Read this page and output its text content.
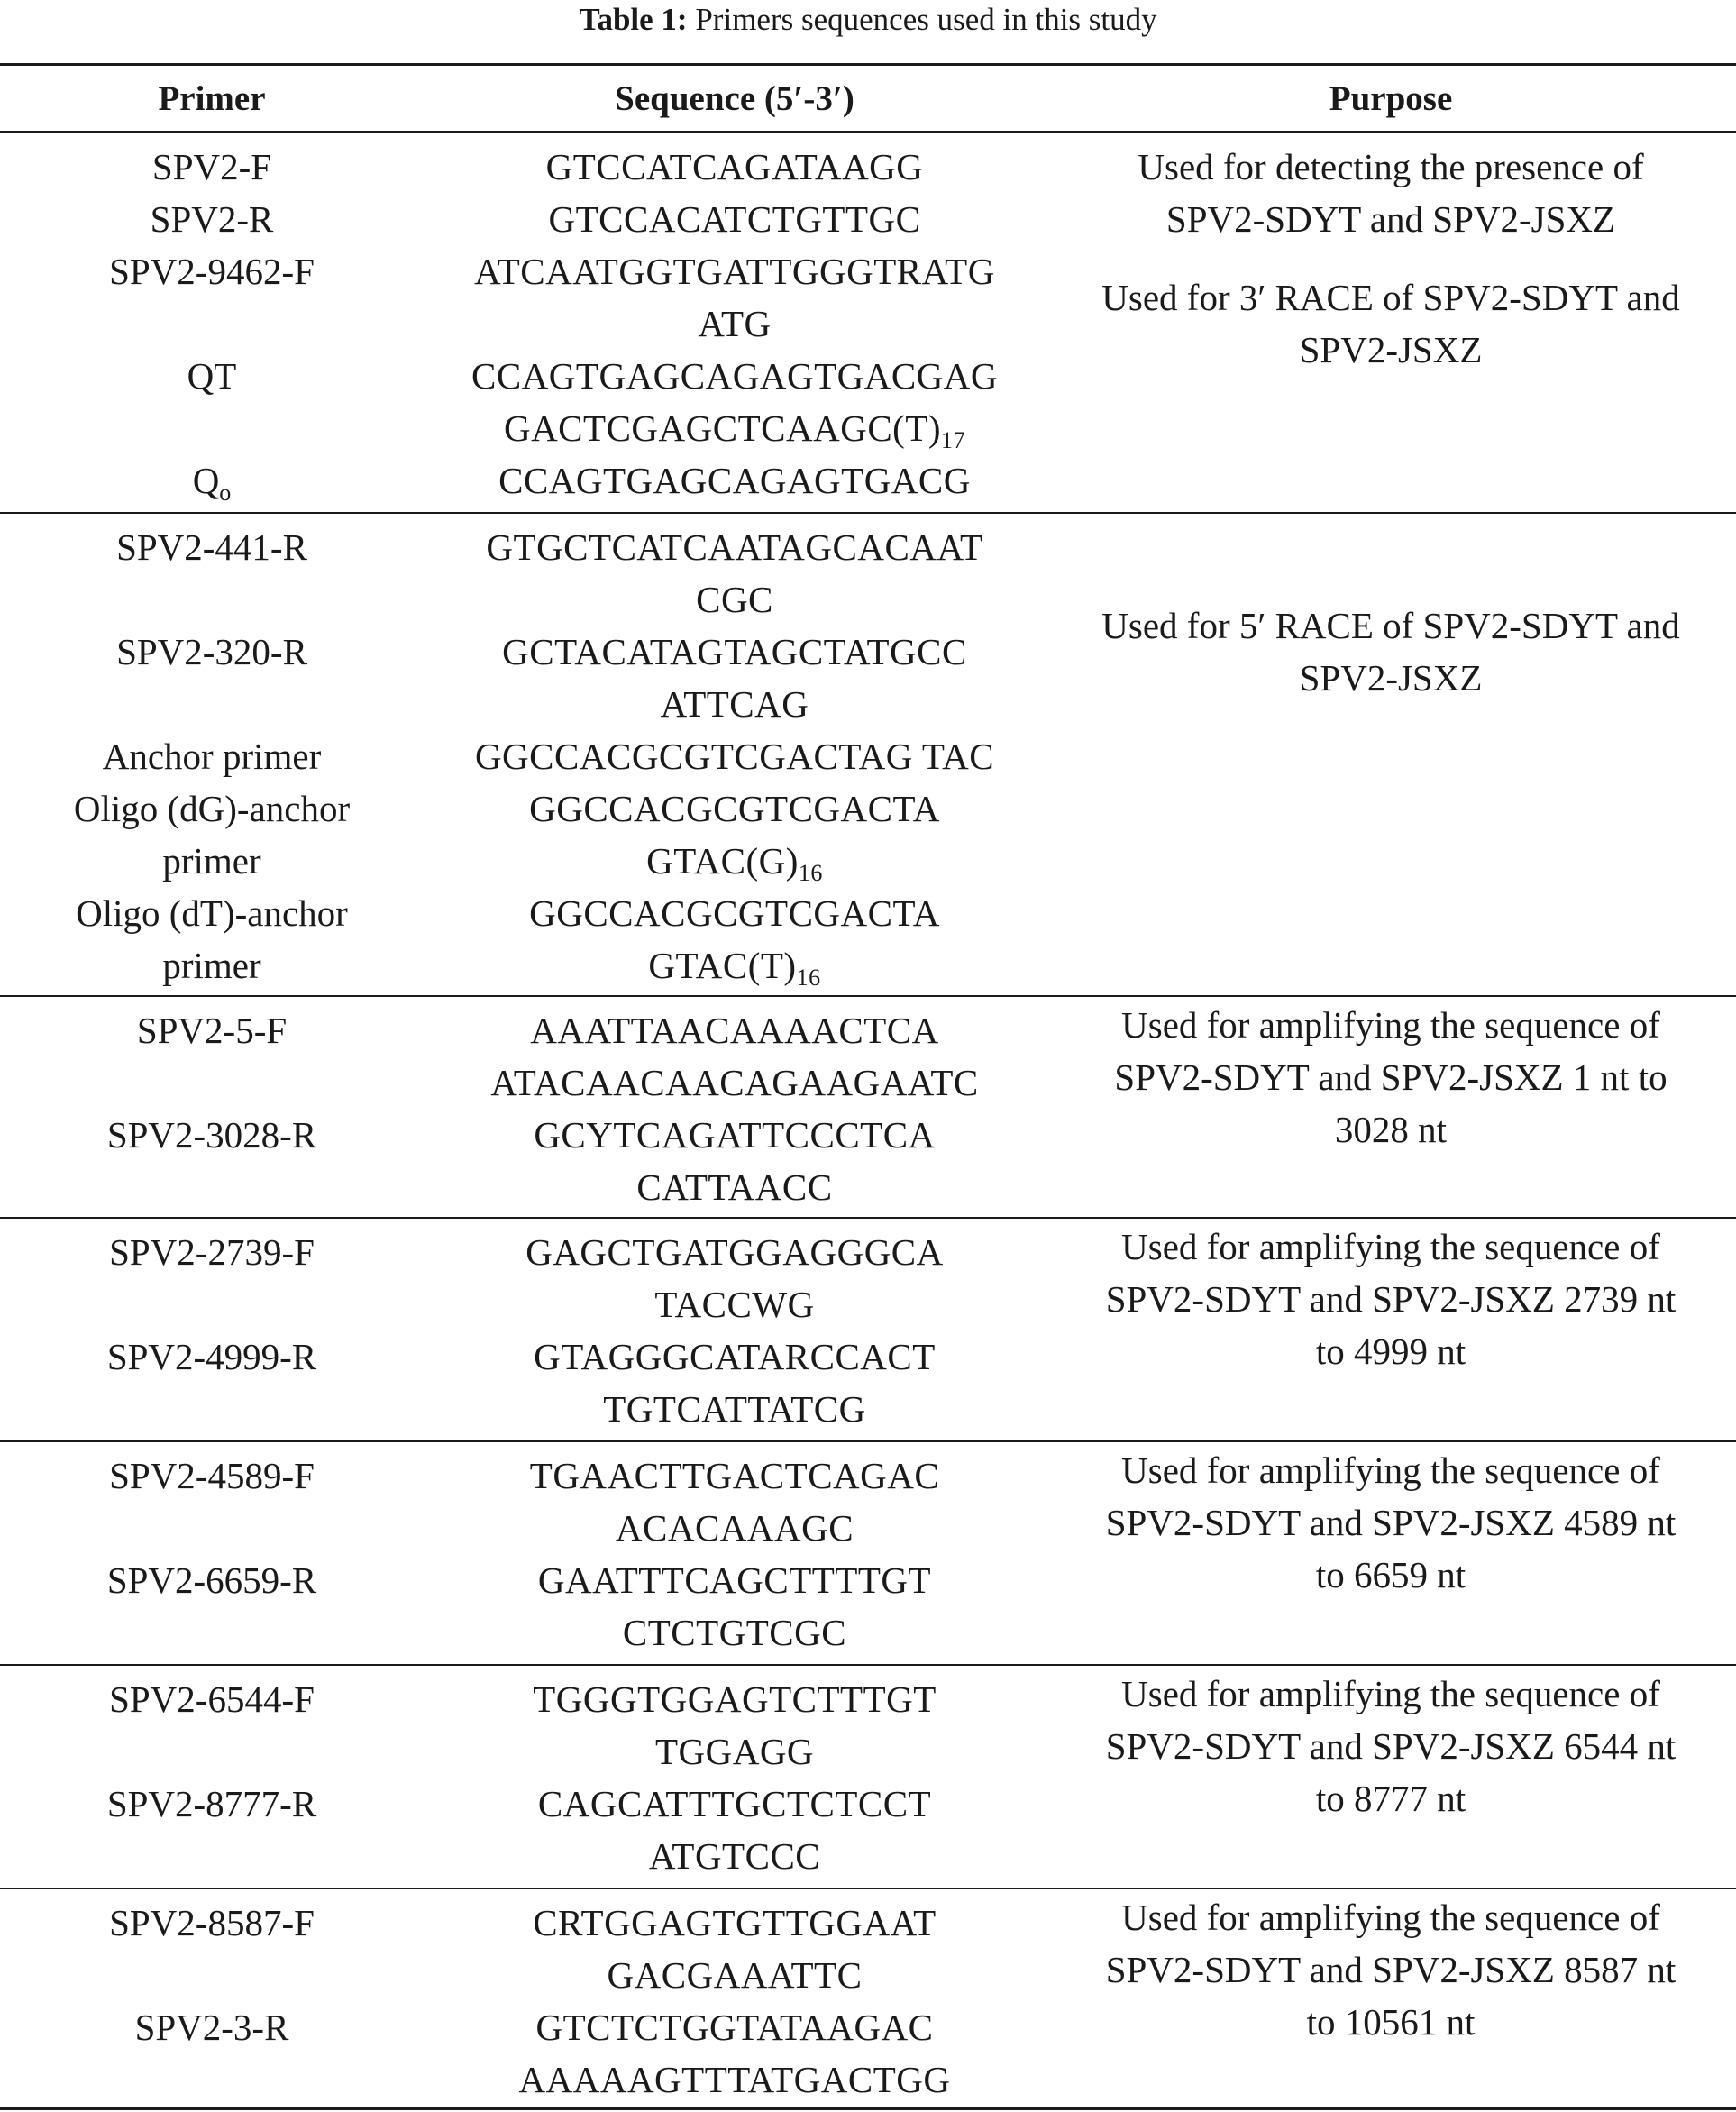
Table 1: Primers sequences used in this study
Primer	Sequence (5′-3′)	Purpose
SPV2-F
SPV2-R
SPV2-9462-F
QT
$Q_o$
GTCCATCAGATAAGG
GTCCACATCTGTTGC
ATCAATGGTGATTGGGTRATG
ATG
CCAGTGAGCAGAGTGACGAG
$GACTCGAGCTCAAGC(T)_{17}$
CCAGTGAGCAGAGTGACG
Used for detecting the presence of
SPV2-SDYT and SPV2-JSXZ
Used for 3′ RACE of SPV2-SDYT and
SPV2-JSXZ
SPV2-441-R
SPV2-320-R
Anchor primer
Oligo (dG)-anchor
primer
Oligo (dT)-anchor
primer
GTGCTCATCAATAGCACAAT
CGC
GCTACATAGTAGCTATGCC
ATTCAG
GGCCACGCGTCGACTAG TAC
GGCCACGCGTCGACTA
$GTAC(G)_{16}$
GGCCACGCGTCGACTA
$GTAC(T)_{16}$
Used for 5′ RACE of SPV2-SDYT and
SPV2-JSXZ
SPV2-5-F
SPV2-3028-R
AAATTAACAAAACTCA
ATACAACAACAGAAGAATC
GCYTCAGATTCCCTCA
CATTAACC
Used for amplifying the sequence of
SPV2-SDYT and SPV2-JSXZ 1 nt to
3028 nt
SPV2-2739-F
SPV2-4999-R
GAGCTGATGGAGGGCA
TACCWG
GTAGGGCATARCCACT
TGTCATTATCG
Used for amplifying the sequence of
SPV2-SDYT and SPV2-JSXZ 2739 nt
to 4999 nt
SPV2-4589-F
SPV2-6659-R
TGAACTTGACTCAGAC
ACACAAAGC
GAATTTCAGCTTTTGT
CTCTGTCGC
Used for amplifying the sequence of
SPV2-SDYT and SPV2-JSXZ 4589 nt
to 6659 nt
SPV2-6544-F
SPV2-8777-R
TGGGTGGAGTCTTTGT
TGGAGG
CAGCATTTGCTCTCCT
ATGTCCC
Used for amplifying the sequence of
SPV2-SDYT and SPV2-JSXZ 6544 nt
to 8777 nt
SPV2-8587-F
SPV2-3-R
CRTGGAGTGTTGGAAT
GACGAAATTC
GTCTCTGGTATAAGAC
AAAAAGTTTATGACTGG
Used for amplifying the sequence of
SPV2-SDYT and SPV2-JSXZ 8587 nt
to 10561 nt
